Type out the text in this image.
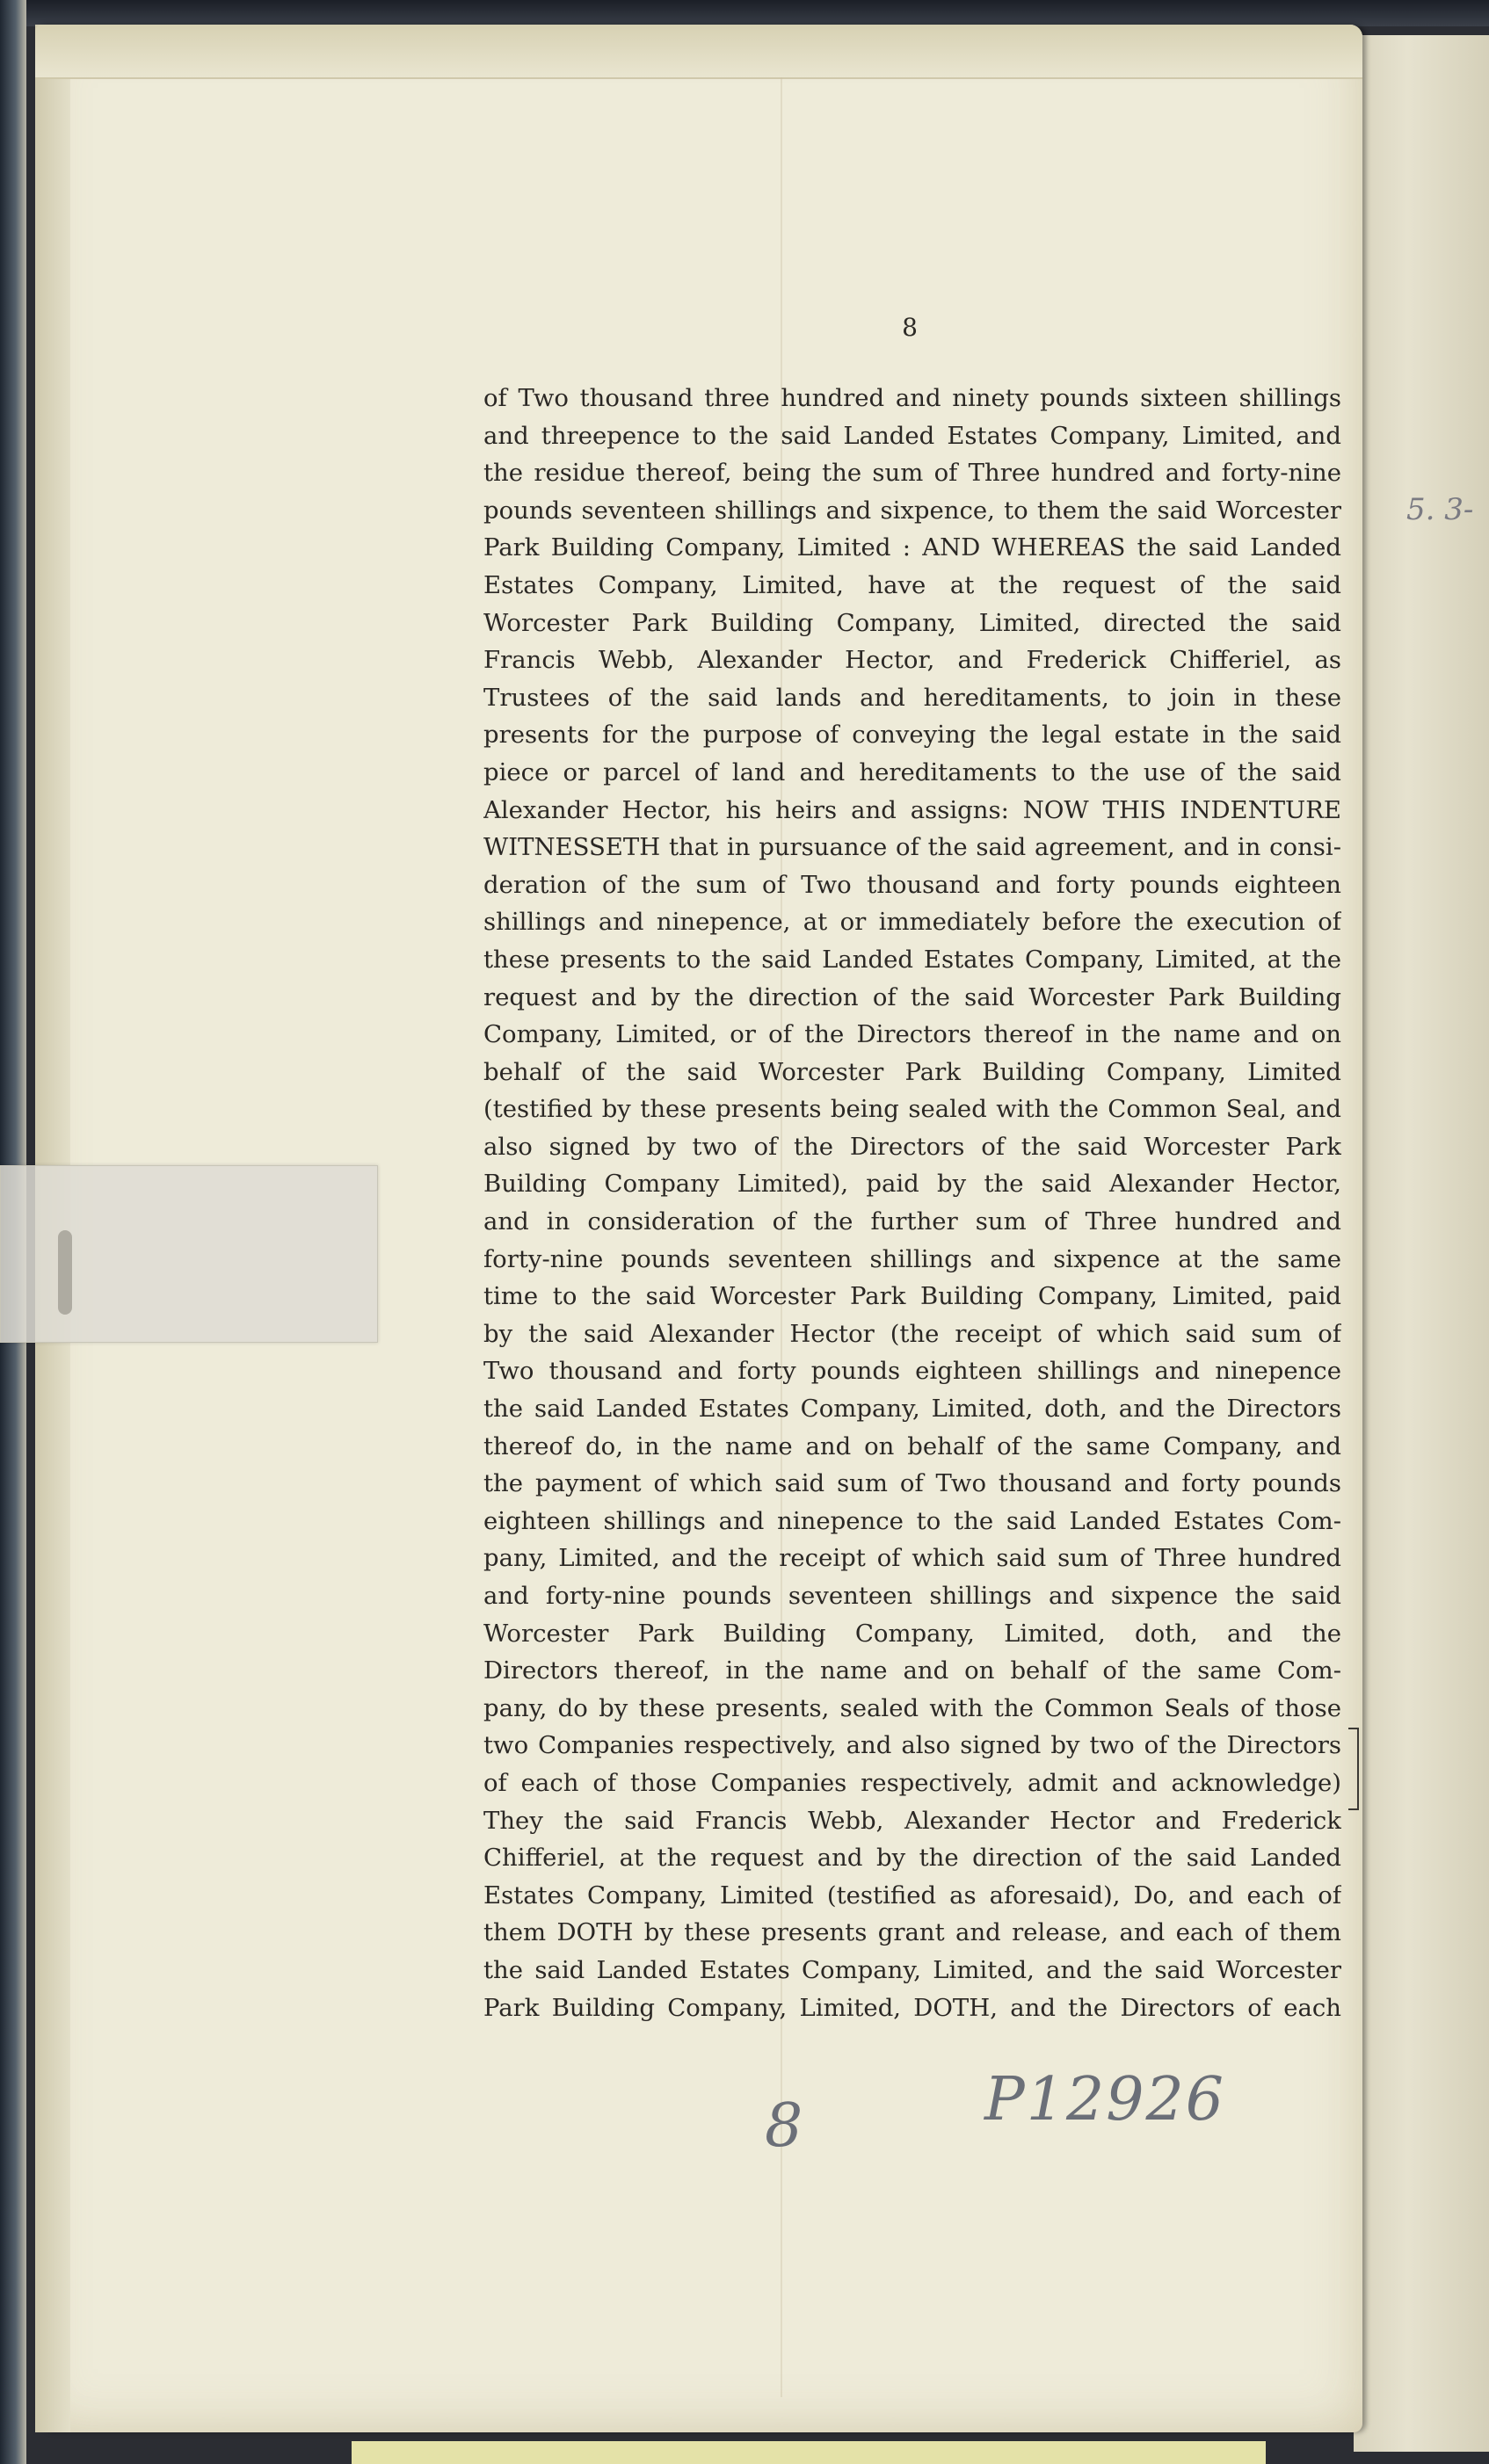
8
of Two thousand three hundred and ninety pounds sixteen shillings
and threepence to the said Landed Estates Company, Limited, and
the residue thereof, being the sum of Three hundred and forty-nine
pounds seventeen shillings and sixpence, to them the said Worcester
Park Building Company, Limited : AND WHEREAS the said Landed
Estates Company, Limited, have at the request of the said
Worcester Park Building Company, Limited, directed the said
Francis Webb, Alexander Hector, and Frederick Chifferiel, as
Trustees of the said lands and hereditaments, to join in these
presents for the purpose of conveying the legal estate in the said
piece or parcel of land and hereditaments to the use of the said
Alexander Hector, his heirs and assigns: NOW THIS INDENTURE
WITNESSETH that in pursuance of the said agreement, and in consi-
deration of the sum of Two thousand and forty pounds eighteen
shillings and ninepence, at or immediately before the execution of
these presents to the said Landed Estates Company, Limited, at the
request and by the direction of the said Worcester Park Building
Company, Limited, or of the Directors thereof in the name and on
behalf of the said Worcester Park Building Company, Limited
(testified by these presents being sealed with the Common Seal, and
also signed by two of the Directors of the said Worcester Park
Building Company Limited), paid by the said Alexander Hector,
and in consideration of the further sum of Three hundred and
forty-nine pounds seventeen shillings and sixpence at the same
time to the said Worcester Park Building Company, Limited, paid
by the said Alexander Hector (the receipt of which said sum of
Two thousand and forty pounds eighteen shillings and ninepence
the said Landed Estates Company, Limited, doth, and the Directors
thereof do, in the name and on behalf of the same Company, and
the payment of which said sum of Two thousand and forty pounds
eighteen shillings and ninepence to the said Landed Estates Com-
pany, Limited, and the receipt of which said sum of Three hundred
and forty-nine pounds seventeen shillings and sixpence the said
Worcester Park Building Company, Limited, doth, and the
Directors thereof, in the name and on behalf of the same Com-
pany, do by these presents, sealed with the Common Seals of those
two Companies respectively, and also signed by two of the Directors
of each of those Companies respectively, admit and acknowledge)
They the said Francis Webb, Alexander Hector and Frederick
Chifferiel, at the request and by the direction of the said Landed
Estates Company, Limited (testified as aforesaid), Do, and each of
them DOTH by these presents grant and release, and each of them
the said Landed Estates Company, Limited, and the said Worcester
Park Building Company, Limited, DOTH, and the Directors of each
5. 3-
8	P12926
